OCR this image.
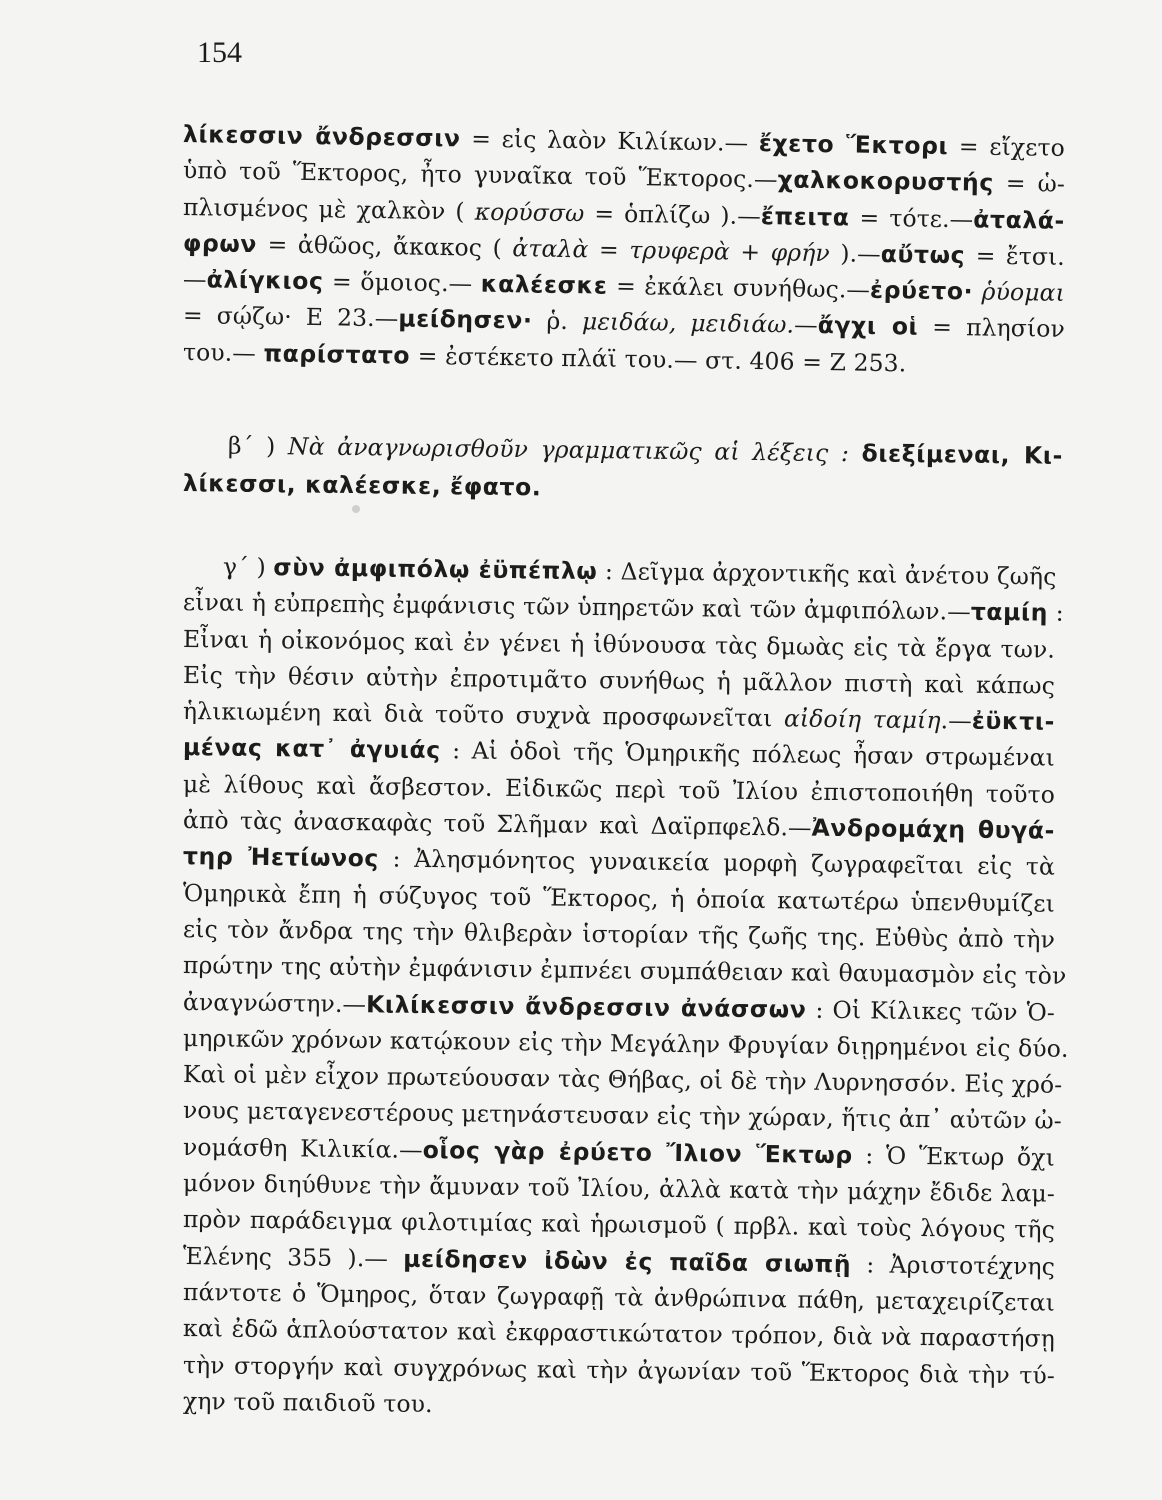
154
λίκεσσιν ἄνδρεσσιν = εἰς λαὸν Κιλίκων.— ἔχετο Ἕκτορι = εἴχετο
ὑπὸ τοῦ Ἕκτορος, ἦτο γυναῖκα τοῦ Ἕκτορος.—χαλκοκορυστής = ὡ-
πλισμένος μὲ χαλκὸν ( κορύσσω = ὁπλίζω ).—ἔπειτα = τότε.—ἀταλά-
φρων = ἀθῶος, ἄκακος ( ἀταλὰ = τρυφερὰ + φρήν ).—αὔτως = ἔτσι.
—ἀλίγκιος = ὅμοιος.— καλέεσκε = ἐκάλει συνήθως.—ἐρύετο· ῥύομαι
= σῴζω· Ε 23.—μείδησεν· ῥ. μειδάω, μειδιάω.—ἄγχι οἱ = πλησίον
του.— παρίστατο = ἐστέκετο πλάϊ του.— στ. 406 = Ζ 253.
β΄ ) Νὰ ἀναγνωρισθοῦν γραμματικῶς αἱ λέξεις : διεξίμεναι, Κι-
λίκεσσι, καλέεσκε, ἔφατο.
γ΄ ) σὺν ἀμφιπόλῳ ἐϋπέπλῳ : Δεῖγμα ἀρχοντικῆς καὶ ἀνέτου ζωῆς
εἶναι ἡ εὐπρεπὴς ἐμφάνισις τῶν ὑπηρετῶν καὶ τῶν ἀμφιπόλων.—ταμίη :
Εἶναι ἡ οἰκονόμος καὶ ἐν γένει ἡ ἰθύνουσα τὰς δμωὰς εἰς τὰ ἔργα των.
Εἰς τὴν θέσιν αὐτὴν ἐπροτιμᾶτο συνήθως ἡ μᾶλλον πιστὴ καὶ κάπως
ἡλικιωμένη καὶ διὰ τοῦτο συχνὰ προσφωνεῖται αἰδοίη ταμίη.—ἐϋκτι-
μένας κατ᾽ ἀγυιάς : Αἱ ὁδοὶ τῆς Ὁμηρικῆς πόλεως ἦσαν στρωμέναι
μὲ λίθους καὶ ἄσβεστον. Εἰδικῶς περὶ τοῦ Ἰλίου ἐπιστοποιήθη τοῦτο
ἀπὸ τὰς ἀνασκαφὰς τοῦ Σλῆμαν καὶ Δαϊρπφελδ.—Ἀνδρομάχη θυγά-
τηρ Ἠετίωνος : Ἀλησμόνητος γυναικεία μορφὴ ζωγραφεῖται εἰς τὰ
Ὁμηρικὰ ἔπη ἡ σύζυγος τοῦ Ἕκτορος, ἡ ὁποία κατωτέρω ὑπενθυμίζει
εἰς τὸν ἄνδρα της τὴν θλιβερὰν ἱστορίαν τῆς ζωῆς της. Εὐθὺς ἀπὸ τὴν
πρώτην της αὐτὴν ἐμφάνισιν ἐμπνέει συμπάθειαν καὶ θαυμασμὸν εἰς τὸν
ἀναγνώστην.—Κιλίκεσσιν ἄνδρεσσιν ἀνάσσων : Οἱ Κίλικες τῶν Ὁ-
μηρικῶν χρόνων κατῴκουν εἰς τὴν Μεγάλην Φρυγίαν διῃρημένοι εἰς δύο.
Καὶ οἱ μὲν εἶχον πρωτεύουσαν τὰς Θήβας, οἱ δὲ τὴν Λυρνησσόν. Εἰς χρό-
νους μεταγενεστέρους μετηνάστευσαν εἰς τὴν χώραν, ἥτις ἀπ᾽ αὐτῶν ὠ-
νομάσθη Κιλικία.—οἷος γὰρ ἐρύετο Ἴλιον Ἕκτωρ : Ὁ Ἕκτωρ ὄχι
μόνον διηύθυνε τὴν ἄμυναν τοῦ Ἰλίου, ἀλλὰ κατὰ τὴν μάχην ἔδιδε λαμ-
πρὸν παράδειγμα φιλοτιμίας καὶ ἡρωισμοῦ ( πρβλ. καὶ τοὺς λόγους τῆς
Ἑλένης 355 ).— μείδησεν ἰδὼν ἐς παῖδα σιωπῇ : Ἀριστοτέχνης
πάντοτε ὁ Ὅμηρος, ὅταν ζωγραφῇ τὰ ἀνθρώπινα πάθη, μεταχειρίζεται
καὶ ἐδῶ ἁπλούστατον καὶ ἐκφραστικώτατον τρόπον, διὰ νὰ παραστήσῃ
τὴν στοργήν καὶ συγχρόνως καὶ τὴν ἀγωνίαν τοῦ Ἕκτορος διὰ τὴν τύ-
χην τοῦ παιδιοῦ του.
